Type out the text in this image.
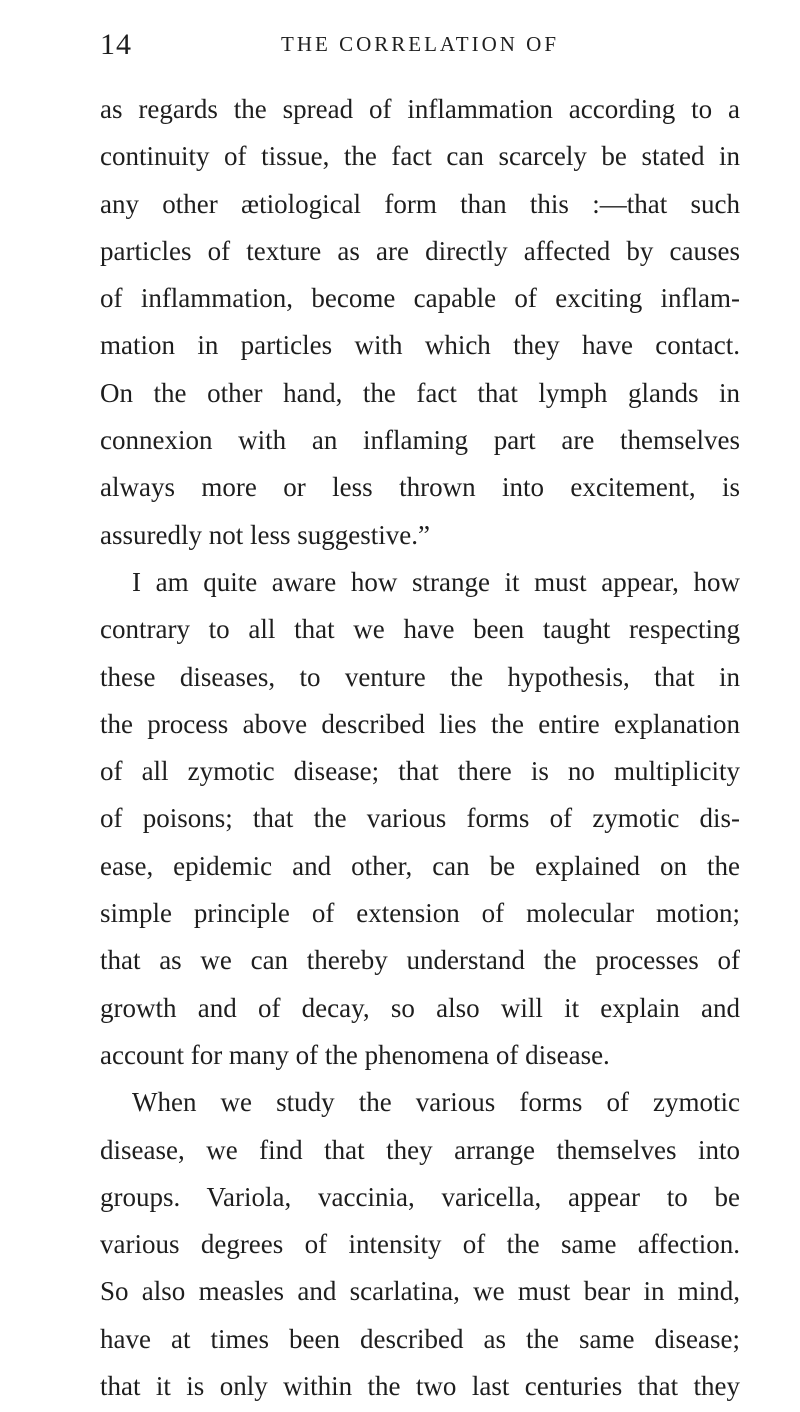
14	THE CORRELATION OF
as regards the spread of inflammation according to a
continuity of tissue, the fact can scarcely be stated in
any other ætiological form than this :—that such
particles of texture as are directly affected by causes
of inflammation, become capable of exciting inflam-
mation in particles with which they have contact.
On the other hand, the fact that lymph glands in
connexion with an inflaming part are themselves
always more or less thrown into excitement, is
assuredly not less suggestive.”
I am quite aware how strange it must appear, how
contrary to all that we have been taught respecting
these diseases, to venture the hypothesis, that in
the process above described lies the entire explanation
of all zymotic disease; that there is no multiplicity
of poisons; that the various forms of zymotic dis-
ease, epidemic and other, can be explained on the
simple principle of extension of molecular motion;
that as we can thereby understand the processes of
growth and of decay, so also will it explain and
account for many of the phenomena of disease.
When we study the various forms of zymotic
disease, we find that they arrange themselves into
groups. Variola, vaccinia, varicella, appear to be
various degrees of intensity of the same affection.
So also measles and scarlatina, we must bear in mind,
have at times been described as the same disease;
that it is only within the two last centuries that they
